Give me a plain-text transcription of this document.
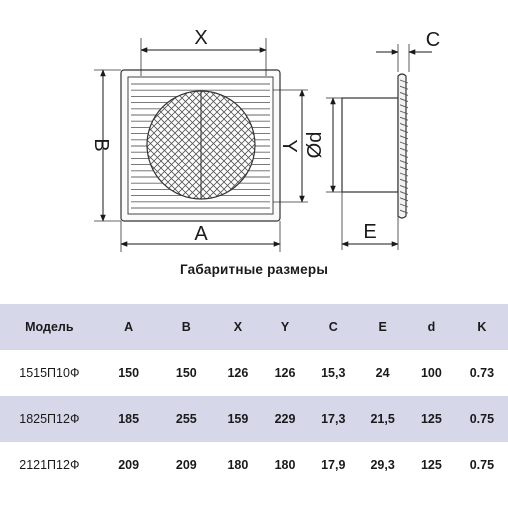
X
A
B	Y
C
Ød
E
Габаритные размеры
Модель	A	B	X	Y	C	E	d	K
1515П10Ф	150	150	126	126	15,3	24	100	0.73
1825П12Ф	185	255	159	229	17,3	21,5	125	0.75
2121П12Ф	209	209	180	180	17,9	29,3	125	0.75
